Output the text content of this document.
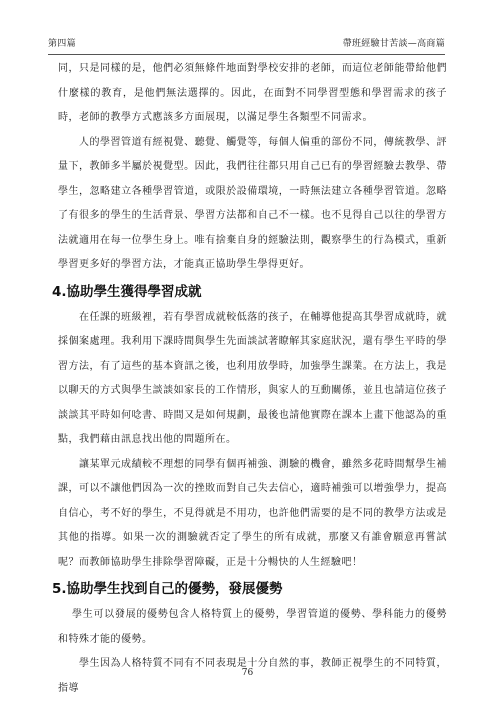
第四篇	帶班經驗甘苦談—高商篇

同，只是同樣的是，他們必須無條件地面對學校安排的老師，而這位老師能帶給他們什麼樣的教育，是他們無法選擇的。因此，在面對不同學習型態和學習需求的孩子時，老師的教學方式應該多方面展現，以滿足學生各類型不同需求。

人的學習管道有經視覺、聽覺、觸覺等，每個人偏重的部份不同，傳統教學、評量下，教師多半屬於視覺型。因此，我們往往都只用自己已有的學習經驗去教學、帶學生，忽略建立各種學習管道，或限於設備環境，一時無法建立各種學習管道。忽略了有很多的學生的生活背景、學習方法都和自己不一樣。也不見得自己以往的學習方法就適用在每一位學生身上。唯有捨棄自身的經驗法則，觀察學生的行為模式，重新學習更多好的學習方法，才能真正協助學生學得更好。

4.協助學生獲得學習成就

在任課的班級裡，若有學習成就較低落的孩子，在輔導他提高其學習成就時，就採個案處理。我利用下課時間與學生先面談試著瞭解其家庭狀況，還有學生平時的學習方法，有了這些的基本資訊之後，也利用放學時，加強學生課業。在方法上，我是以聊天的方式與學生談談如家長的工作情形，與家人的互動關係，並且也請這位孩子談談其平時如何唸書、時間又是如何規劃，最後也請他實際在課本上畫下他認為的重點，我們藉由訊息找出他的問題所在。

讓某單元成績較不理想的同學有個再補強、測驗的機會，雖然多花時間幫學生補課，可以不讓他們因為一次的挫敗而對自己失去信心，適時補強可以增強學力，提高自信心，考不好的學生，不見得就是不用功，也許他們需要的是不同的教學方法或是其他的指導。如果一次的測驗就否定了學生的所有成就，那麼又有誰會願意再嘗試呢？而教師協助學生排除學習障礙，正是十分暢快的人生經驗吧！

5.協助學生找到自己的優勢，發展優勢

學生可以發展的優勢包含人格特質上的優勢，學習管道的優勢、學科能力的優勢和特殊才能的優勢。

學生因為人格特質不同有不同表現是十分自然的事，教師正視學生的不同特質，指導

76
